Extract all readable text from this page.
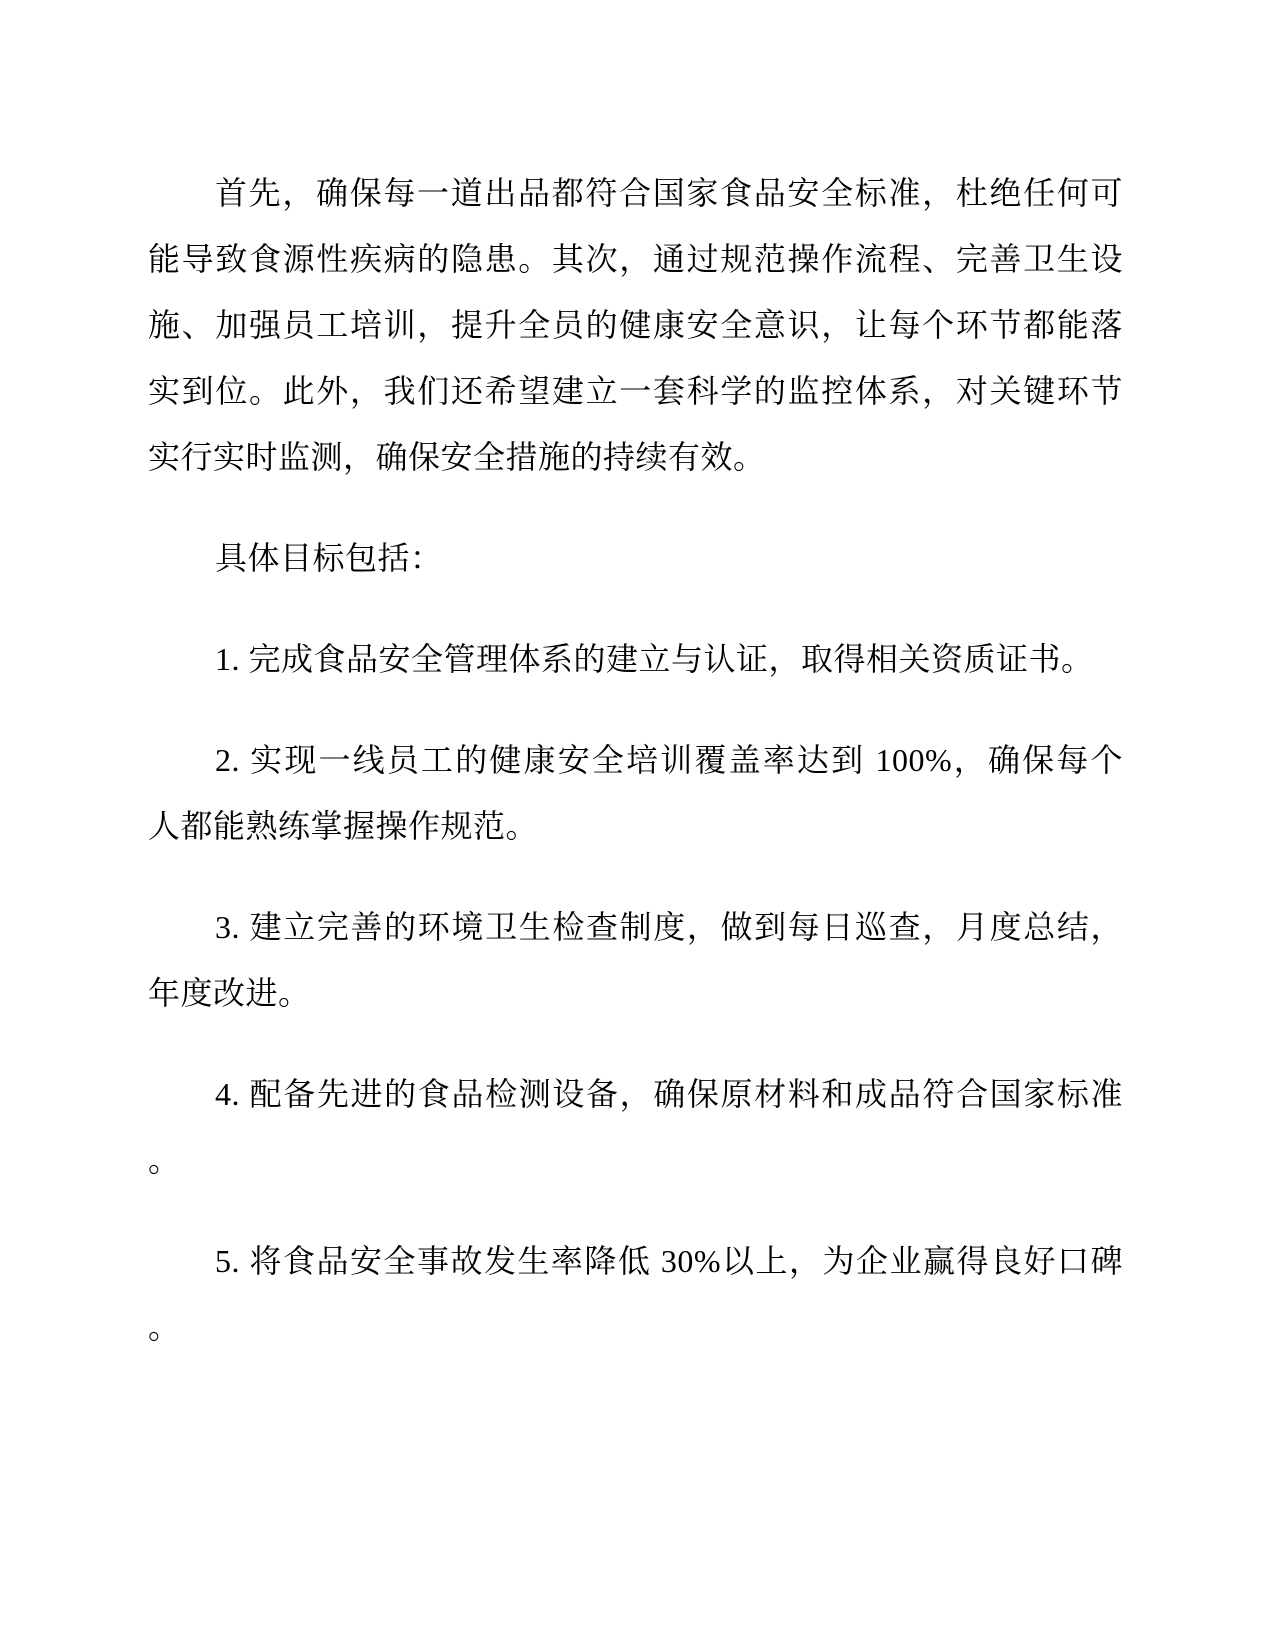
首先，确保每一道出品都符合国家食品安全标准，杜绝任何可
能导致食源性疾病的隐患。其次，通过规范操作流程、完善卫生设
施、加强员工培训，提升全员的健康安全意识，让每个环节都能落
实到位。此外，我们还希望建立一套科学的监控体系，对关键环节
实行实时监测，确保安全措施的持续有效。
具体目标包括：
1. 完成食品安全管理体系的建立与认证，取得相关资质证书。
2. 实现一线员工的健康安全培训覆盖率达到 100%，确保每个
人都能熟练掌握操作规范。
3. 建立完善的环境卫生检查制度，做到每日巡查，月度总结，
年度改进。
4. 配备先进的食品检测设备，确保原材料和成品符合国家标准
。
5. 将食品安全事故发生率降低 30%以上，为企业赢得良好口碑
。
